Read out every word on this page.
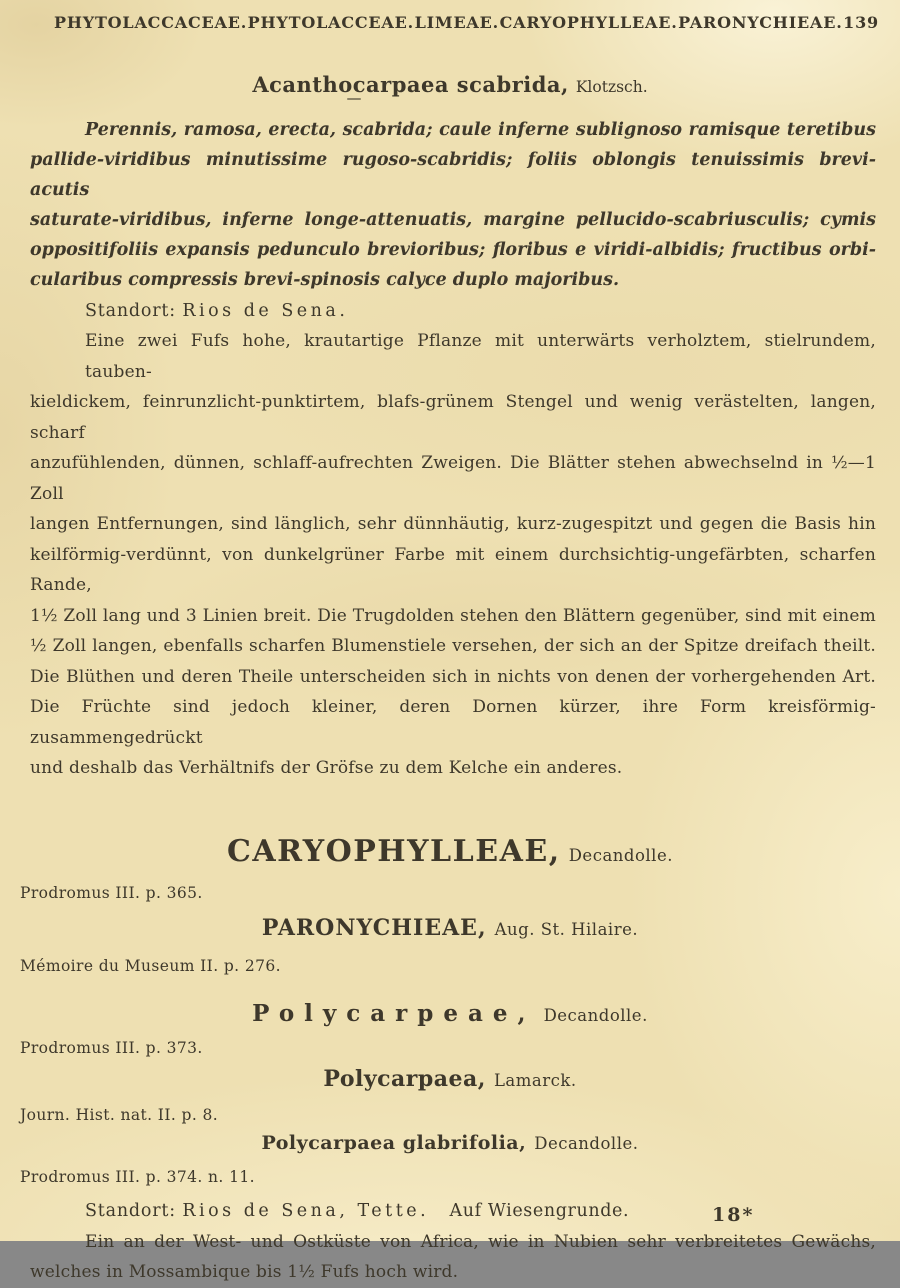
PHYTOLACCACEAE. PHYTOLACCEAE. LIMEAE. CARYOPHYLLEAE. PARONYCHIEAE. 139
Acanthocarpaea scabrida, Klotzsch.
Perennis, ramosa, erecta, scabrida; caule inferne sublignoso ramisque teretibus
pallide-viridibus minutissime rugoso-scabridis; foliis oblongis tenuissimis brevi-acutis
saturate-viridibus, inferne longe-attenuatis, margine pellucido-scabriusculis; cymis
oppositifoliis expansis pedunculo brevioribus; floribus e viridi-albidis; fructibus orbi-
cularibus compressis brevi-spinosis calyce duplo majoribus.
Standort: Rios de Sena.
Eine zwei Fufs hohe, krautartige Pflanze mit unterwärts verholztem, stielrundem, tauben-
kieldickem, feinrunzlicht-punktirtem, blafs-grünem Stengel und wenig verästelten, langen, scharf
anzufühlenden, dünnen, schlaff-aufrechten Zweigen. Die Blätter stehen abwechselnd in ½—1 Zoll
langen Entfernungen, sind länglich, sehr dünnhäutig, kurz-zugespitzt und gegen die Basis hin
keilförmig-verdünnt, von dunkelgrüner Farbe mit einem durchsichtig-ungefärbten, scharfen Rande,
1½ Zoll lang und 3 Linien breit. Die Trugdolden stehen den Blättern gegenüber, sind mit einem
½ Zoll langen, ebenfalls scharfen Blumenstiele versehen, der sich an der Spitze dreifach theilt.
Die Blüthen und deren Theile unterscheiden sich in nichts von denen der vorhergehenden Art.
Die Früchte sind jedoch kleiner, deren Dornen kürzer, ihre Form kreisförmig-zusammengedrückt
und deshalb das Verhältnifs der Gröfse zu dem Kelche ein anderes.
CARYOPHYLLEAE, Decandolle.
Prodromus III. p. 365.
PARONYCHIEAE, Aug. St. Hilaire.
Mémoire du Museum II. p. 276.
Polycarpeae, Decandolle.
Prodromus III. p. 373.
Polycarpaea, Lamarck.
Journ. Hist. nat. II. p. 8.
Polycarpaea glabrifolia, Decandolle.
Prodromus III. p. 374. n. 11.
Standort: Rios de Sena, Tette. Auf Wiesengrunde.
Ein an der West- und Ostküste von Africa, wie in Nubien sehr verbreitetes Gewächs,
welches in Mossambique bis 1½ Fufs hoch wird.
18*
